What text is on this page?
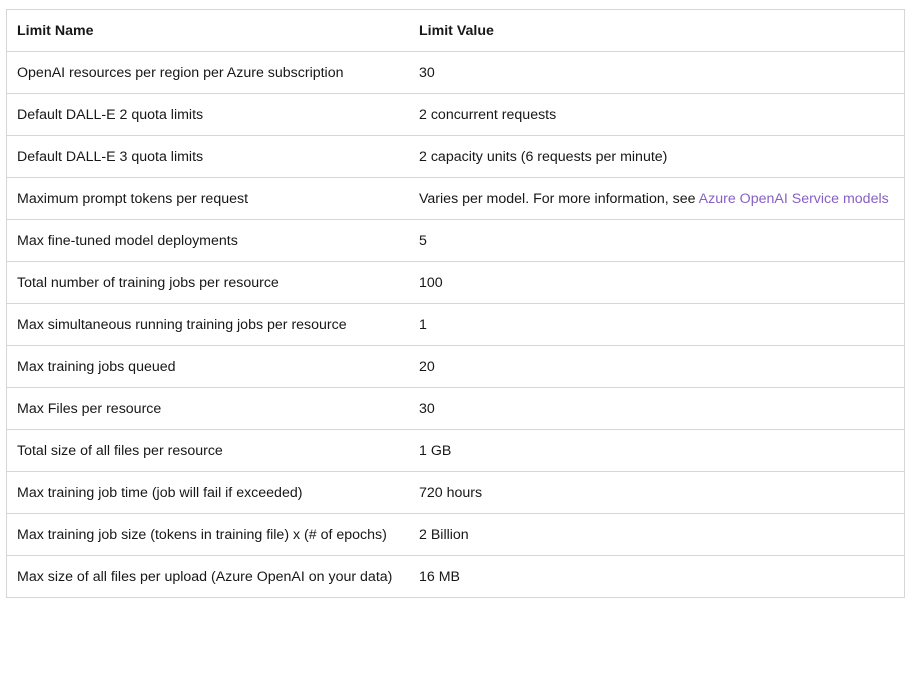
Limit Name	Limit Value
OpenAI resources per region per Azure subscription	30
Default DALL-E 2 quota limits	2 concurrent requests
Default DALL-E 3 quota limits	2 capacity units (6 requests per minute)
Maximum prompt tokens per request	Varies per model. For more information, see Azure OpenAI Service models
Max fine-tuned model deployments	5
Total number of training jobs per resource	100
Max simultaneous running training jobs per resource	1
Max training jobs queued	20
Max Files per resource	30
Total size of all files per resource	1 GB
Max training job time (job will fail if exceeded)	720 hours
Max training job size (tokens in training file) x (# of epochs)	2 Billion
Max size of all files per upload (Azure OpenAI on your data)	16 MB
